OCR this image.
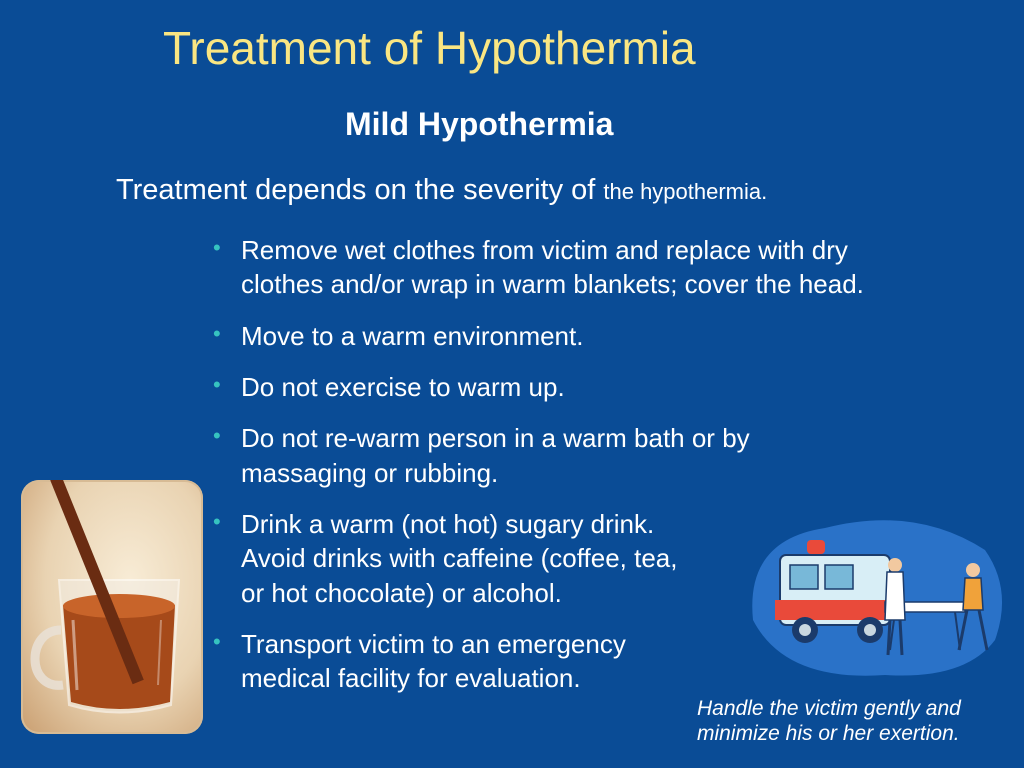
Treatment of Hypothermia
Mild Hypothermia

Treatment depends on the severity of the hypothermia.

• Remove wet clothes from victim and replace with dry
clothes and/or wrap in warm blankets; cover the head.
• Move to a warm environment.
• Do not exercise to warm up.
• Do not re-warm person in a warm bath or by
massaging or rubbing.
• Drink a warm (not hot) sugary drink.
Avoid drinks with caffeine (coffee, tea,
or hot chocolate) or alcohol.
• Transport victim to an emergency
medical facility for evaluation.

Handle the victim gently and
minimize his or her exertion.
